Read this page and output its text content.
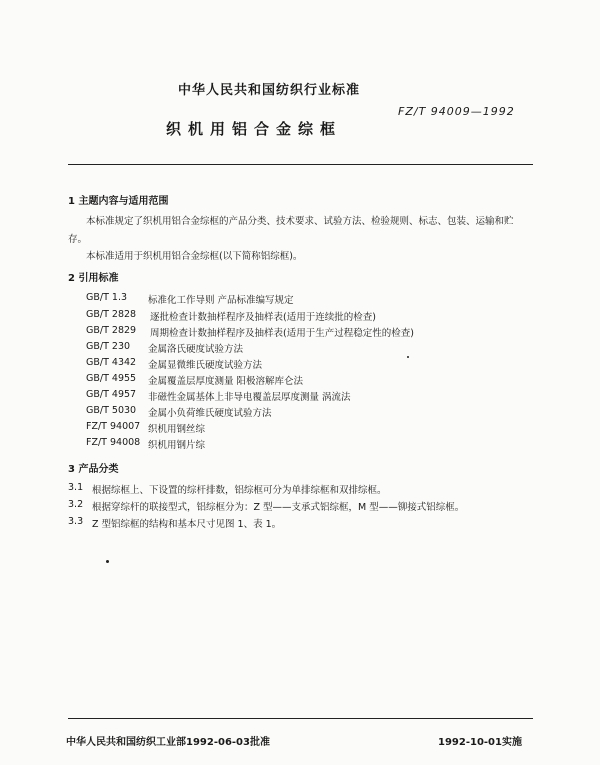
中华人民共和国纺织行业标准
FZ/T 94009—1992
织机用铝合金综框
1 主题内容与适用范围
本标准规定了织机用铝合金综框的产品分类、技术要求、试验方法、检验规则、标志、包装、运输和贮
存。
本标准适用于织机用铝合金综框(以下简称铝综框)。
2 引用标准
GB/T 1.3 标准化工作导则 产品标准编写规定
GB/T 2828 逐批检查计数抽样程序及抽样表(适用于连续批的检查)
GB/T 2829 周期检查计数抽样程序及抽样表(适用于生产过程稳定性的检查)
GB/T 230 金属洛氏硬度试验方法
GB/T 4342 金属显微维氏硬度试验方法
GB/T 4955 金属覆盖层厚度测量 阳极溶解库仑法
GB/T 4957 非磁性金属基体上非导电覆盖层厚度测量 涡流法
GB/T 5030 金属小负荷维氏硬度试验方法
FZ/T 94007 织机用钢丝综
FZ/T 94008 织机用钢片综
3 产品分类
3.1 根据综框上、下设置的综杆排数，铝综框可分为单排综框和双排综框。
3.2 根据穿综杆的联接型式，铝综框分为：Z 型——支承式铝综框，M 型——铆接式铝综框。
3.3 Z 型铝综框的结构和基本尺寸见图 1、表 1。
中华人民共和国纺织工业部1992-06-03批准	1992-10-01实施
